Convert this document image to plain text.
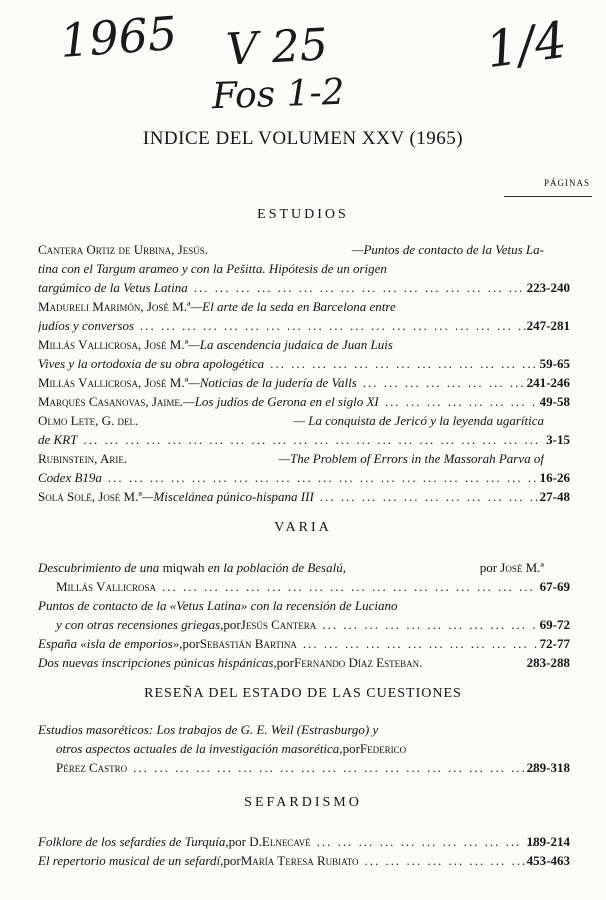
1965 V 25	1/4
Fos 1-2
INDICE DEL VOLUMEN XXV (1965)
PÁGINAS
ESTUDIOS
Cantera Ortiz de Urbina, Jesús.	—Puntos de contacto de la Vetus La-
tina con el Targum arameo y con la Pešitta. Hipótesis de un origen
targúmico de la Vetus Latina ... .	223-240
Madureli Marimón, José M.ª —El arte de la seda en Barcelona entre
judíos y conversos ... .	247-281
Millás Vallicrosa, José M.ª —La ascendencia judaica de Juan Luis
Vives y la ortodoxia de su obra apologética ... .	59-65
Millás Vallicrosa, José M.ª —Noticias de la judería de Valls ... .	241-246
Marqués Casanovas, Jaime. —Los judíos de Gerona en el siglo XI ... .	49-58
Olmo Lete, G. del.	— La conquista de Jericó y la leyenda ugarítica
de KRT ... .	3-15
Rubinstein, Arie.	—The Problem of Errors in the Massorah Parva of
Codex B19a ... .	16-26
Solá Solé, José M.ª —Miscelánea púnico-hispana III ... .	27-48
VARIA
Descubrimiento de una miqwah en la población de Besalú,	por José M.ª
Millás Vallicrosa ... .	67-69
Puntos de contacto de la «Vetus Latina» con la recensión de Luciano
y con otras recensiones griegas, por Jesús Cantera ... .	69-72
España «isla de emporios», por Sebastián Bartina ... .	72-77
Dos nuevas inscripciones púnicas hispánicas, por Fernando Díaz Esteban.	283-288
RESEÑA DEL ESTADO DE LAS CUESTIONES
Estudios masoréticos: Los trabajos de G. E. Weil (Estrasburgo) y
otros aspectos actuales de la investigación masorética, por Federico
Pérez Castro ... .	289-318
SEFARDISMO
Folklore de los sefardíes de Turquía, por D. Elnecavé ... .	189-214
El repertorio musical de un sefardí, por María Teresa Rubiato ... .	453-463
